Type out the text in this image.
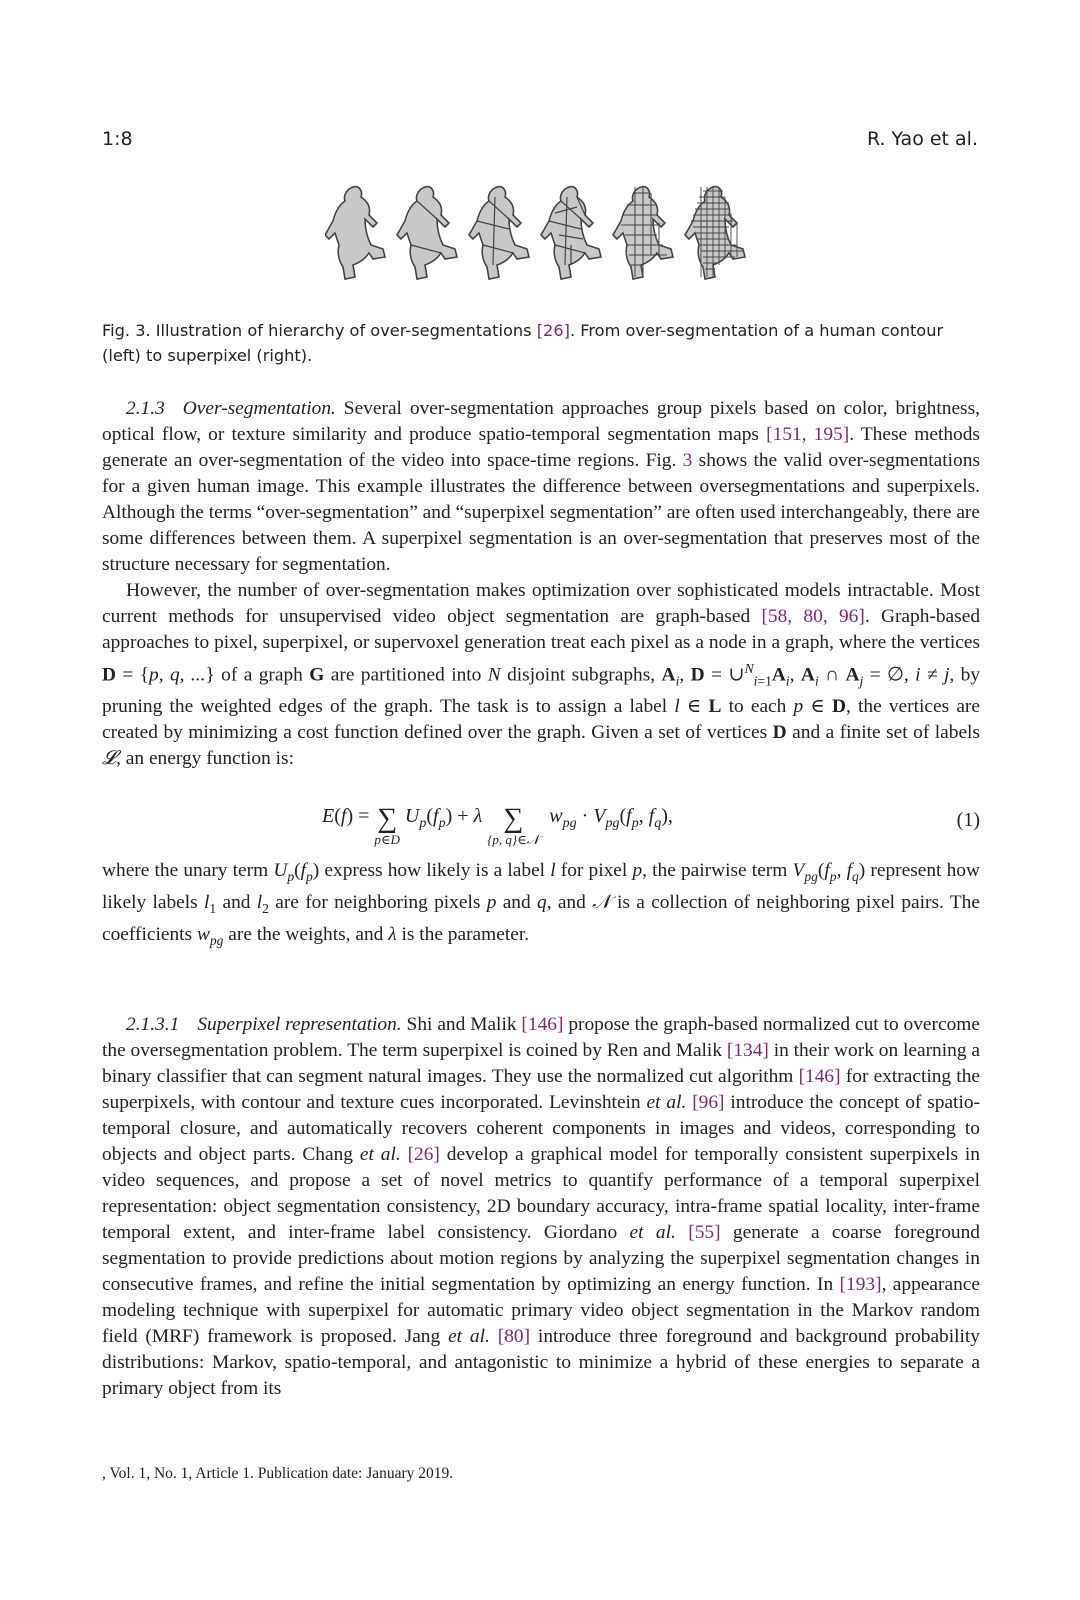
1:8	R. Yao et al.
Fig. 3. Illustration of hierarchy of over-segmentations [26]. From over-segmentation of a human contour (left) to superpixel (right).

2.1.3 Over-segmentation. Several over-segmentation approaches group pixels based on color, brightness, optical flow, or texture similarity and produce spatio-temporal segmentation maps [151, 195]. These methods generate an over-segmentation of the video into space-time regions. Fig. 3 shows the valid over-segmentations for a given human image. This example illustrates the difference between oversegmentations and superpixels. Although the terms “over-segmentation” and “superpixel segmentation” are often used interchangeably, there are some differences between them. A superpixel segmentation is an over-segmentation that preserves most of the structure necessary for segmentation.

However, the number of over-segmentation makes optimization over sophisticated models intractable. Most current methods for unsupervised video object segmentation are graph-based [58, 80, 96]. Graph-based approaches to pixel, superpixel, or supervoxel generation treat each pixel as a node in a graph, where the vertices D = {p, q, ...} of a graph G are partitioned into N disjoint subgraphs, $A_i$, $D = \cup^N_{i=1}A_i$, $A_i$ ∩ $A_j$ = ∅, i ≠ j, by pruning the weighted edges of the graph. The task is to assign a label l ∈ L to each p ∈ D, the vertices are created by minimizing a cost function defined over the graph. Given a set of vertices D and a finite set of labels 𝓛, an energy function is:

E(f) = ∑
p∈D
$U_p(f_p) + \lambda$ ∑
{p, q}∈𝒩
$w_{pg} \cdot V_{pg}(f_p$, $f_q$),	(1)

where the unary term $U_p(f_p)$ express how likely is a label l for pixel p, the pairwise term $V_{pg}(f_p$, $f_q$) represent how likely labels $l_1$ and $l_2$ are for neighboring pixels p and q, and 𝒩 is a collection of neighboring pixel pairs. The coefficients $w_{pg}$ are the weights, and λ is the parameter.

2.1.3.1 Superpixel representation. Shi and Malik [146] propose the graph-based normalized cut to overcome the oversegmentation problem. The term superpixel is coined by Ren and Malik [134] in their work on learning a binary classifier that can segment natural images. They use the normalized cut algorithm [146] for extracting the superpixels, with contour and texture cues incorporated. Levinshtein et al. [96] introduce the concept of spatio-temporal closure, and automatically recovers coherent components in images and videos, corresponding to objects and object parts. Chang et al. [26] develop a graphical model for temporally consistent superpixels in video sequences, and propose a set of novel metrics to quantify performance of a temporal superpixel representation: object segmentation consistency, 2D boundary accuracy, intra-frame spatial locality, inter-frame temporal extent, and inter-frame label consistency. Giordano et al. [55] generate a coarse foreground segmentation to provide predictions about motion regions by analyzing the superpixel segmentation changes in consecutive frames, and refine the initial segmentation by optimizing an energy function. In [193], appearance modeling technique with superpixel for automatic primary video object segmentation in the Markov random field (MRF) framework is proposed. Jang et al. [80] introduce three foreground and background probability distributions: Markov, spatio-temporal, and antagonistic to minimize a hybrid of these energies to separate a primary object from its

, Vol. 1, No. 1, Article 1. Publication date: January 2019.
